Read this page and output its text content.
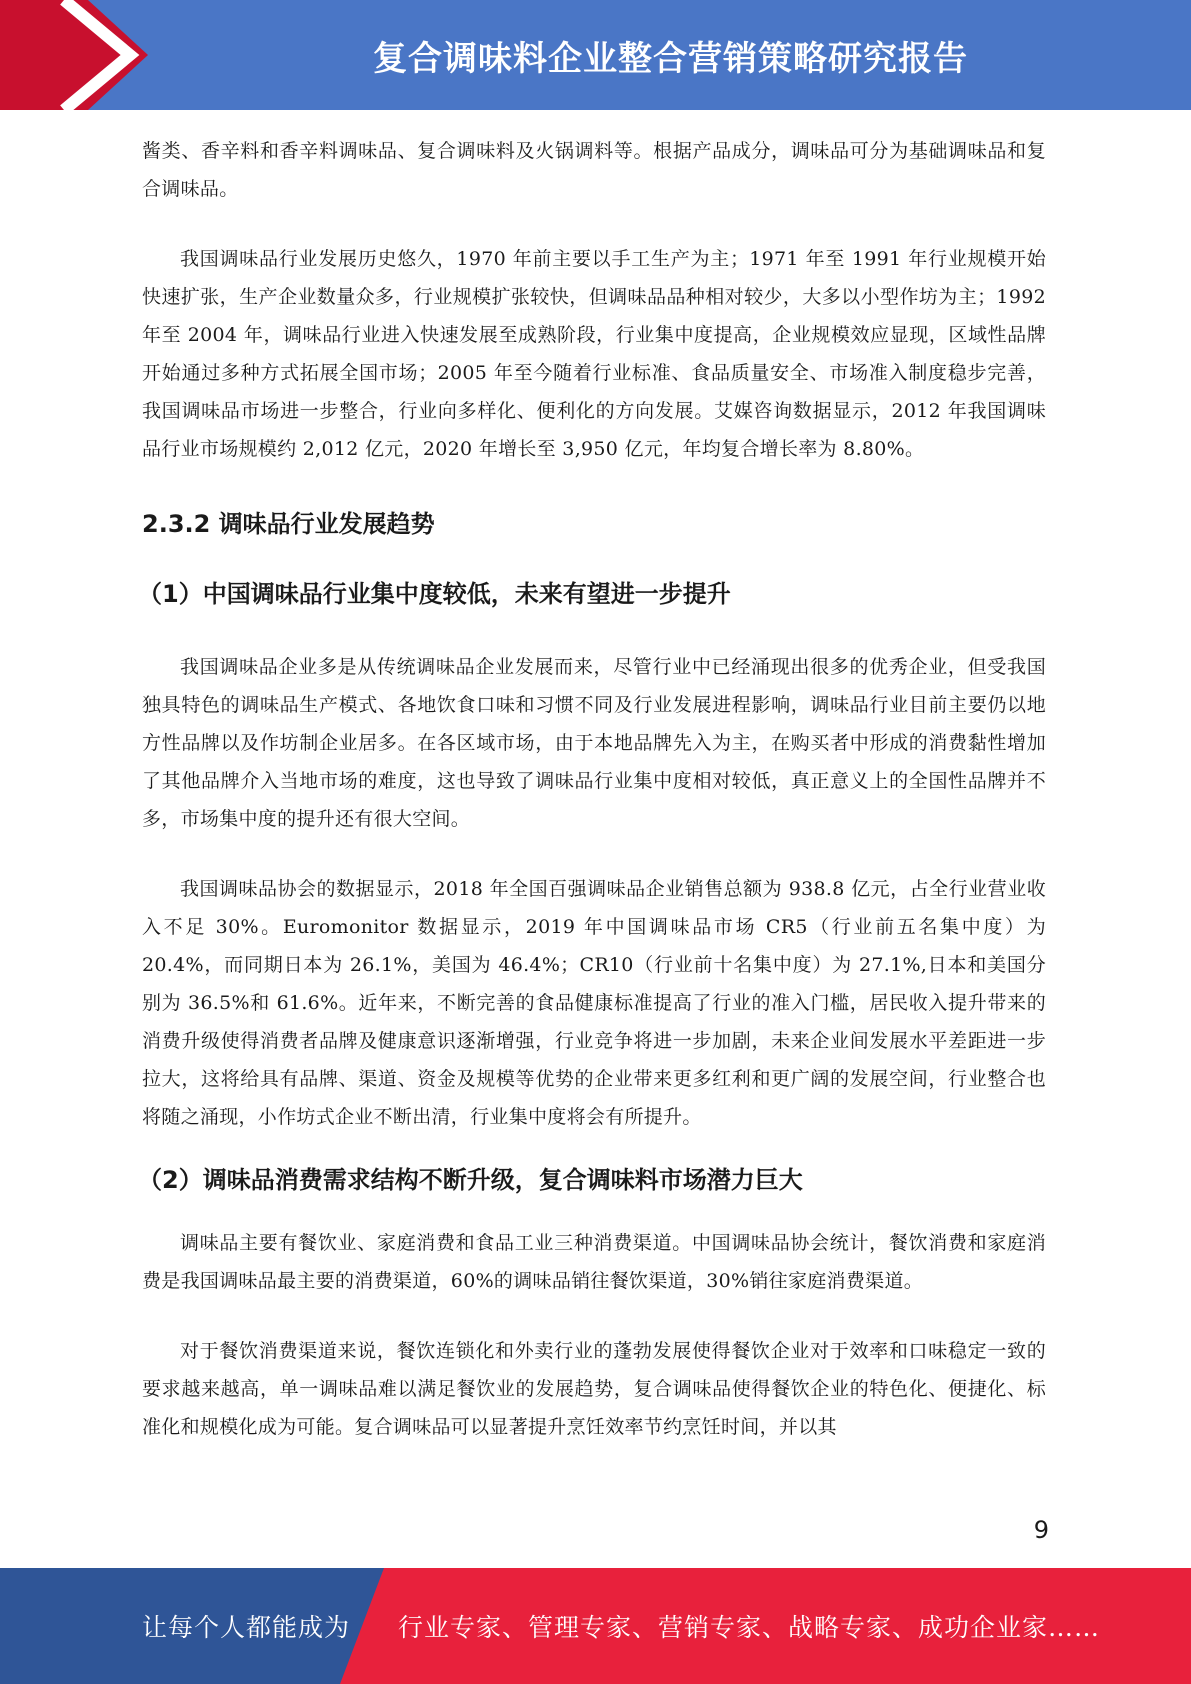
复合调味料企业整合营销策略研究报告

酱类、香辛料和香辛料调味品、复合调味料及火锅调料等。根据产品成分，调味品可分为基础调味品和复合调味品。

我国调味品行业发展历史悠久，1970 年前主要以手工生产为主；1971 年至 1991 年行业规模开始快速扩张，生产企业数量众多，行业规模扩张较快，但调味品品种相对较少，大多以小型作坊为主；1992 年至 2004 年，调味品行业进入快速发展至成熟阶段，行业集中度提高，企业规模效应显现，区域性品牌开始通过多种方式拓展全国市场；2005 年至今随着行业标准、食品质量安全、市场准入制度稳步完善，我国调味品市场进一步整合，行业向多样化、便利化的方向发展。艾媒咨询数据显示，2012 年我国调味品行业市场规模约 2,012 亿元，2020 年增长至 3,950 亿元，年均复合增长率为 8.80%。

2.3.2 调味品行业发展趋势
（1）中国调味品行业集中度较低，未来有望进一步提升

我国调味品企业多是从传统调味品企业发展而来，尽管行业中已经涌现出很多的优秀企业，但受我国独具特色的调味品生产模式、各地饮食口味和习惯不同及行业发展进程影响，调味品行业目前主要仍以地方性品牌以及作坊制企业居多。在各区域市场，由于本地品牌先入为主，在购买者中形成的消费黏性增加了其他品牌介入当地市场的难度，这也导致了调味品行业集中度相对较低，真正意义上的全国性品牌并不多，市场集中度的提升还有很大空间。

我国调味品协会的数据显示，2018 年全国百强调味品企业销售总额为 938.8 亿元，占全行业营业收入不足 30%。Euromonitor 数据显示，2019 年中国调味品市场 CR5（行业前五名集中度）为 20.4%，而同期日本为 26.1%，美国为 46.4%；CR10（行业前十名集中度）为 27.1%,日本和美国分别为 36.5%和 61.6%。近年来，不断完善的食品健康标准提高了行业的准入门槛，居民收入提升带来的消费升级使得消费者品牌及健康意识逐渐增强，行业竞争将进一步加剧，未来企业间发展水平差距进一步拉大，这将给具有品牌、渠道、资金及规模等优势的企业带来更多红利和更广阔的发展空间，行业整合也将随之涌现，小作坊式企业不断出清，行业集中度将会有所提升。

（2）调味品消费需求结构不断升级，复合调味料市场潜力巨大

调味品主要有餐饮业、家庭消费和食品工业三种消费渠道。中国调味品协会统计，餐饮消费和家庭消费是我国调味品最主要的消费渠道，60%的调味品销往餐饮渠道，30%销往家庭消费渠道。

对于餐饮消费渠道来说，餐饮连锁化和外卖行业的蓬勃发展使得餐饮企业对于效率和口味稳定一致的要求越来越高，单一调味品难以满足餐饮业的发展趋势，复合调味品使得餐饮企业的特色化、便捷化、标准化和规模化成为可能。复合调味品可以显著提升烹饪效率节约烹饪时间，并以其

9
让每个人都能成为 行业专家、管理专家、营销专家、战略专家、成功企业家……
